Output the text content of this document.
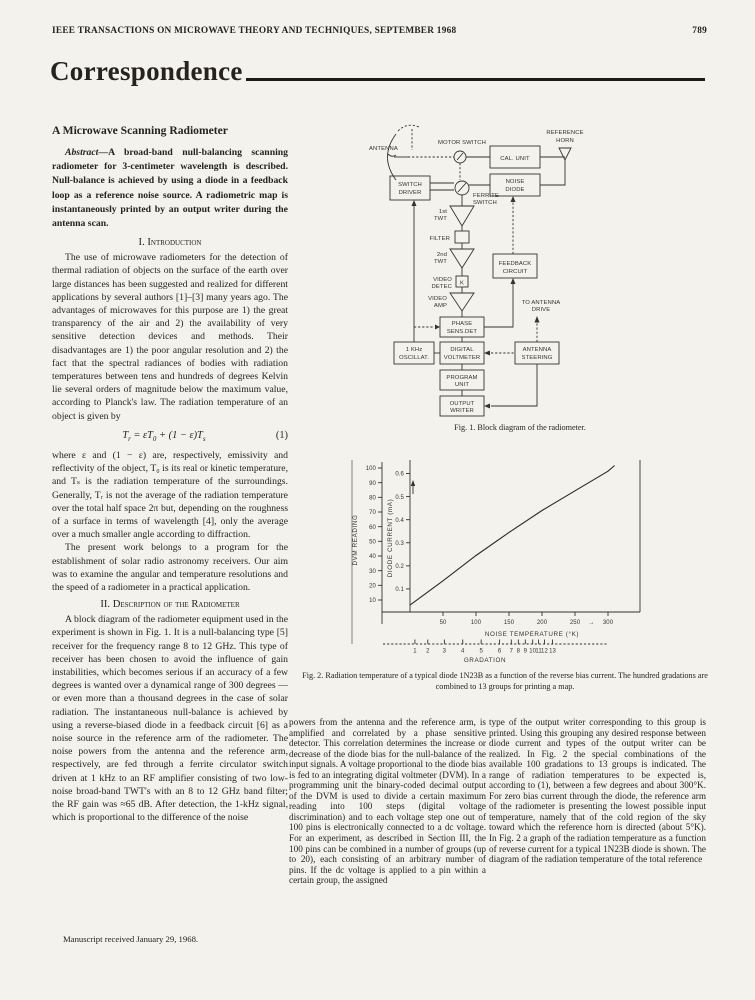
IEEE TRANSACTIONS ON MICROWAVE THEORY AND TECHNIQUES, SEPTEMBER 1968	789
Correspondence
A Microwave Scanning Radiometer

Abstract—A broad-band null-balancing scanning radiometer for 3-centimeter wavelength is described. Null-balance is achieved by using a diode in a feedback loop as a reference noise source. A radiometric map is instantaneously printed by an output writer during the antenna scan.

I. Introduction

The use of microwave radiometers for the detection of thermal radiation of objects on the surface of the earth over large distances has been suggested and realized for different applications by several authors [1]–[3] many years ago. The advantages of microwaves for this purpose are 1) the great transparency of the air and 2) the availability of very sensitive detection devices and methods. Their disadvantages are 1) the poor angular resolution and 2) the fact that the spectral radiances of bodies with radiation temperatures between tens and hundreds of degrees Kelvin lie several orders of magnitude below the maximum value, according to Planck's law. The radiation temperature of an object is given by

$T_r = \varepsilon T_0 + (1 - \varepsilon)T_s$	(1)

where ε and (1 − ε) are, respectively, emissivity and reflectivity of the object, T₀ is its real or kinetic temperature, and Tₛ is the radiation temperature of the surroundings. Generally, Tᵣ is not the average of the radiation temperature over the total half space 2π but, depending on the roughness of a surface in terms of wavelength [4], only the average over a much smaller angle according to diffraction.

The present work belongs to a program for the establishment of solar radio astronomy receivers. Our aim was to examine the angular and temperature resolutions and the speed of a radiometer in a practical application.

II. Description of the Radiometer

A block diagram of the radiometer equipment used in the experiment is shown in Fig. 1. It is a null-balancing type [5] receiver for the frequency range 8 to 12 GHz. This type of receiver has been chosen to avoid the influence of gain instabilities, which becomes serious if an accuracy of a few degrees is wanted over a dynamical range of 300 degrees —or even more than a thousand degrees in the case of solar radiation. The instantaneous null-balance is achieved by using a reverse-biased diode in a feedback circuit [6] as a noise source in the reference arm of the radiometer. The noise powers from the antenna and the reference arm, respectively, are fed through a ferrite circulator switch driven at 1 kHz to an RF amplifier consisting of two low-noise broad-band TWT's with an 8 to 12 GHz band filter; the RF gain was ≈65 dB. After detection, the 1-kHz signal, which is proportional to the difference of the noise

Manuscript received January 29, 1968.
ANTENNA
MOTOR SWITCH
CAL. UNIT
REFERENCE
HORN
NOISE
DIODE
SWITCH
DRIVER	FERRITE
SWITCH
1st
TWT
FILTER
2nd
TWT
K
VIDEO
DETEC
VIDEO
AMP
FEEDBACK
CIRCUIT
PHASE
SENS.DET
1 KHz
OSCILLAT.
DIGITAL
VOLTMETER
ANTENNA
STEERING
TO ANTENNA
DRIVE
PROGRAM
UNIT
OUTPUT
WRITER
Fig. 1. Block diagram of the radiometer.
DVM READING
10
20
30
40
50
60
70
80
90
100
DIODE CURRENT (mA)
0.1
0.2
0.3
0.4
0.5
0.6
NOISE TEMPERATURE (°K)
50	100	150	200	250	300
→
GRADATION
1 2 3 4 5 6 7 8 9 10 11 12 13
Fig. 2. Radiation temperature of a typical diode 1N23B as a function of the reverse bias current. The hundred gradations are combined to 13 groups for printing a map.

powers from the antenna and the reference arm, is amplified and correlated by a phase sensitive detector. This correlation determines the increase or decrease of the diode bias for the null-balance of the input signals. A voltage proportional to the diode bias is fed to an integrating digital voltmeter (DVM). In a programming unit the binary-coded decimal output of the DVM is used to divide a certain maximum reading into 100 steps (digital voltage discrimination) and to each voltage step one out of 100 pins is electronically connected to a dc voltage. For an experiment, as described in Section III, the 100 pins can be combined in a number of groups (up to 20), each consisting of an arbitrary number of pins. If the dc voltage is applied to a pin within a certain group, the assigned

type of the output writer corresponding to this group is printed. Using this grouping any desired response between diode current and types of the output writer can be realized. In Fig. 2 the special combinations of the available 100 gradations to 13 groups is indicated. The range of radiation temperatures to be expected is, according to (1), between a few degrees and about 300°K. For zero bias current through the diode, the reference arm of the radiometer is presenting the lowest possible input temperature, namely that of the cold region of the sky toward which the reference horn is directed (about 5°K). In Fig. 2 a graph of the radiation temperature as a function of reverse current for a typical 1N23B diode is shown. The diagram of the radiation temperature of the total reference
